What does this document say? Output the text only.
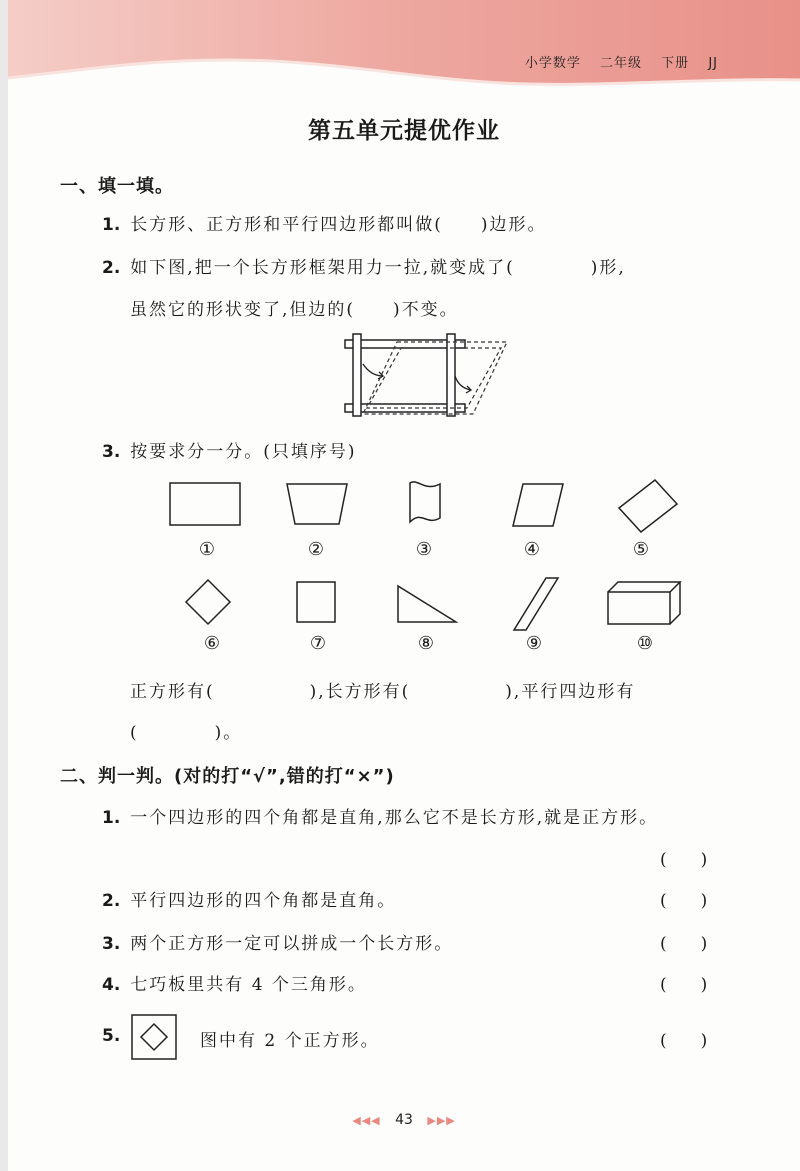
小学数学 二年级 下册 JJ
第五单元提优作业
一、填一填。
1. 长方形、正方形和平行四边形都叫做(　　)边形。
2. 如下图,把一个长方形框架用力一拉,就变成了(　　　　)形,
虽然它的形状变了,但边的(　　)不变。
3. 按要求分一分。(只填序号)
①	②	③	④	⑤
⑥	⑦	⑧	⑨	⑩
正方形有(　　　　　),长方形有(　　　　　),平行四边形有
(　　　　)。
二、判一判。(对的打“√”,错的打“×”)
1. 一个四边形的四个角都是直角,那么它不是长方形,就是正方形。
(　　)
2. 平行四边形的四个角都是直角。	(　　)
3. 两个正方形一定可以拼成一个长方形。	(　　)
4. 七巧板里共有 4 个三角形。	(　　)
5.	图中有 2 个正方形。	(　　)
◀◀◀ 43 ▶▶▶
